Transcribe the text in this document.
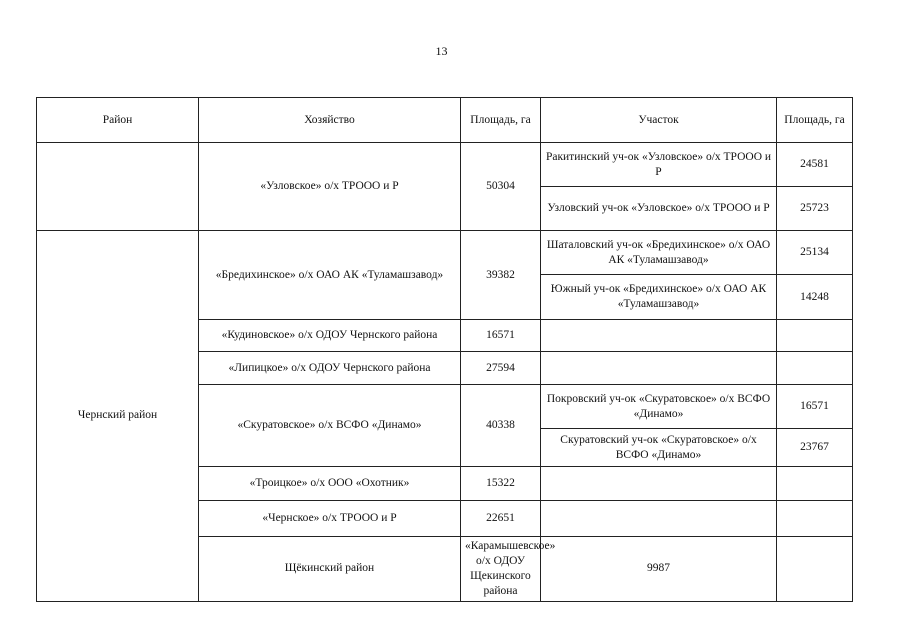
13
Район	Хозяйство	Площадь, га	Участок	Площадь, га	
	«Узловское» о/х ТРООО и Р	50304	Ракитинский уч-ок «Узловское» о/х ТРООО и Р	24581	
			Узловский уч-ок «Узловское» о/х ТРООО и Р	25723	
Чернский район	«Бредихинское» о/х ОАО АК «Туламашзавод»	39382	Шаталовский уч-ок «Бредихинское» о/х ОАО АК «Туламашзавод»	25134	
			Южный уч-ок «Бредихинское» о/х ОАО АК «Туламашзавод»	14248	
	«Кудиновское» о/х ОДОУ Чернского района	16571			
	«Липицкое» о/х ОДОУ Чернского района	27594			
	«Скуратовское» о/х ВСФО «Динамо»	40338	Покровский уч-ок «Скуратовское» о/х ВСФО «Динамо»	16571	
			Скуратовский уч-ок «Скуратовское» о/х ВСФО «Динамо»	23767	
	«Троицкое» о/х ООО «Охотник»	15322			
	«Чернское» о/х ТРООО и Р	22651			
	Щёкинский район	«Карамышевское» о/х ОДОУ Щекинского района	9987		
